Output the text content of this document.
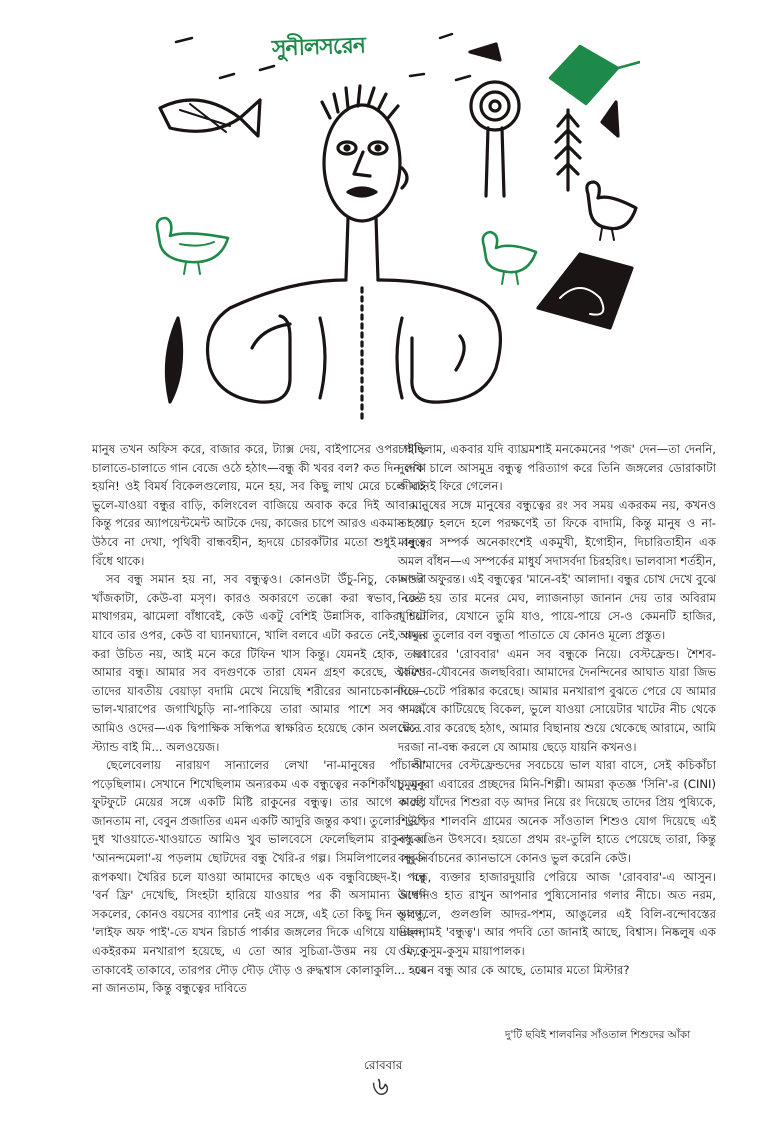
সুনীলসরেন

মানুষ তখন অফিস করে, বাজার করে, ট্যাক্স দেয়, বাইপাসের ওপর গাড়ি চালাতে-চালাতে গান বেজে ওঠে হঠাৎ—বন্ধু কী খবর বল? কত দিন দেখা হয়নি! ওই বিমর্ষ বিকেলগুলোয়, মনে হয়, সব কিছু লাথ মেরে চলে যাই ভুলে-যাওয়া বন্ধুর বাড়ি, কলিংবেল বাজিয়ে অবাক করে দিই আবার... কিন্তু পরের অ্যাপয়েন্টমেন্ট আটকে দেয়, কাজের চাপে আরও একমাস হয়ে উঠবে না দেখা, পৃথিবী বান্ধবহীন, হৃদয়ে চোরকাঁটার মতো শুধুই বন্ধুত্ব বিঁধে থাকে।

সব বন্ধু সমান হয় না, সব বন্ধুত্বও। কোনওটা উঁচু-নিচু, কোনওটা খাঁজকাটা, কেউ-বা মসৃণ। কারও অকারণে তক্কো করা স্বভাব, কেউ মাথাগরম, ঝামেলা বাঁধাবেই, কেউ একটু বেশিই উন্নাসিক, বাকিরা চটে যাবে তার ওপর, কেউ বা ঘ্যানঘ্যানে, খালি বলবে এটা করতে নেই, অমন করা উচিত নয়, আই মনে করে টিফিন খাস কিন্তু। যেমনই হোক, তারা আমার বন্ধু। আমার সব বদগুণকে তারা যেমন গ্রহণ করেছে, আমিও তাদের যাবতীয় বেয়াড়া বদামি মেখে নিয়েছি শরীরের আনাচেকানাচে—ভাল-খারাপের জগাখিচুড়ি না-পাকিয়ে তারা আমার পাশে সব সময়, আমিও ওদের—এক দ্বিপাক্ষিক সন্ধিপত্র স্বাক্ষরিত হয়েছে কোন অলক্ষ্যে... স্ট্যান্ড বাই মি... অলওয়েজ।

ছেলেবেলায় নারায়ণ সান্যালের লেখা 'না-মানুষের পাঁচালী' পড়েছিলাম। সেখানে শিখেছিলাম অন্যরকম এক বন্ধুত্বের নকশিকাঁথা। এক ফুটফুটে মেয়ের সঙ্গে একটি মিষ্টি রাকুনের বন্ধুত্ব। তার আগে অবধি জানতাম না, বেবুন প্রজাতির এমন একটি আদুরি জন্তুর কথা। তুলোর ড্রপে দুধ খাওয়াতে-খাওয়াতে আমিও খুব ভালবেসে ফেলেছিলাম রাকুন'কে। 'আনন্দমেলা'-য় পড়লাম ছোটদের বন্ধু খৈরি-র গল্প। সিমলিপালের সবুজ রূপকথা। খৈরির চলে যাওয়া আমাদের কাছেও এক বন্ধুবিচ্ছেদ-ই। পরে 'বর্ন ফ্রি' দেখেছি, সিংহটা হারিয়ে যাওয়ার পর কী অসামান্য উদ্বেগ সকলের, কোনও বয়সের ব্যাপার নেই এর সঙ্গে, এই তো কিছু দিন আগে, 'লাইফ অফ পাই'-তে যখন রিচার্ড পার্কার জঙ্গলের দিকে এগিয়ে যাচ্ছিল, একইরকম মনখারাপ হয়েছে, এ তো আর সুচিত্রা-উত্তম নয় যে ফিরে তাকাবেই তাকাবে, তারপর দৌড় দৌড় দৌড় ও রুদ্ধশ্বাস কোলাকুলি... হবে না জানতাম, কিন্তু বন্ধুত্বের দাবিতে

চাইছিলাম, একবার যদি ব্যাঘ্রমশাই মনকেমনের 'পজ' দেন—তা দেননি, দুলকি চালে আসমুদ্র বন্ধুত্ব পরিত্যাগ করে তিনি জঙ্গলের ডোরাকাটা জীবনেই ফিরে গেলেন।

মানুষের সঙ্গে মানুষের বন্ধুত্বের রং সব সময় একরকম নয়, কখনও তা গাঢ় হলদে হলে পরক্ষণেই তা ফিকে বাদামি, কিন্তু মানুষ ও না-মানুষের সম্পর্ক অনেকাংশেই একমুখী, ইগোহীন, দিচারিতাহীন এক অমল বাঁধন—এ সম্পর্কের মাধুর্য সদাসর্বদা চিরহরিৎ। ভালবাসা শর্তহীন, আদর অফুরন্ত। এই বন্ধুত্বের 'মানে-বই' আলাদা। বন্ধুর চোখ দেখে বুঝে নিতে হয় তার মনের মেঘ, ল্যাজনাড়া জানান দেয় তার অবিরাম খুশিয়ালির, যেখানে তুমি যাও, পায়ে-পায়ে সে-ও কেমনটি হাজির, আদুরে তুলোর বল বন্ধুতা পাতাতে যে কোনও মূল্যে প্রস্তুত।

এবারের 'রোববার' এমন সব বন্ধুকে নিয়ে। বেস্টফ্রেন্ড। শৈশব-কৈশোর-যৌবনের জলছবিরা। আমাদের দৈনন্দিনের আঘাত যারা জিভ দিয়ে চেটে পরিষ্কার করেছে। আমার মনখারাপ বুঝতে পেরে যে আমার গা ঘেঁষে কাটিয়েছে বিকেল, ভুলে যাওয়া সোয়েটার খাটের নীচ থেকে টেনে বার করেছে হঠাৎ, আমার বিছানায় শুয়ে থেকেছে আরামে, আমি দরজা না-বন্ধ করলে যে আমায় ছেড়ে যায়নি কখনও।

আমাদের বেস্টফ্রেন্ডদের সবচেয়ে ভাল যারা বাসে, সেই কচিকাঁচা চুমুমুনুরা এবারের প্রচ্ছদের মিনি-শিল্পী। আমরা কৃতজ্ঞ 'সিনি'-র (CINI) কাছে, যাঁদের শিশুরা বড় আদর নিয়ে রং দিয়েছে তাদের প্রিয় পুষ্যিকে, শিউড়ির শালবনি গ্রামের অনেক সাঁওতাল শিশুও যোগ দিয়েছে এই বন্ধু-রঙিন উৎসবে। হয়তো প্রথম রং-তুলি হাতে পেয়েছে তারা, কিন্তু বন্ধু-নির্বাচনের ক্যানভাসে কোনও ভুল করেনি কেউ।

বন্ধু, ব্যক্তার হাজারদুয়ারি পেরিয়ে আজ 'রোববার'-এ আসুন। আপনিও হাত রাখুন আপনার পুষ্যিসোনার গলার নীচে। অত নরম, তুলতুলে, গুলগুলি আদর-পশম, আঙুলের এই বিলি-বন্দোবস্তের ভালনামই 'বন্ধুত্ব'। আর পদবি তো জানাই আছে, বিশ্বাস। নিষ্কলুষ এক ওম, কুসুম-কুসুম মায়াপালক।

এমন বন্ধু আর কে আছে, তোমার মতো মিস্টার?

দু'টি ছবিই শালবনির সাঁওতাল শিশুদের আঁকা
রোববার
৬
